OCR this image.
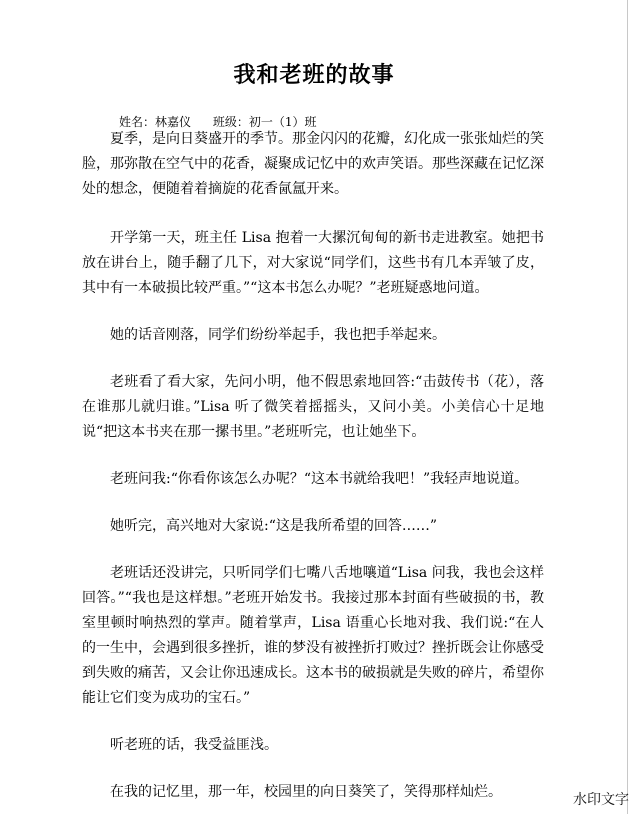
我和老班的故事
姓名：林嘉仪 班级：初一（1）班

夏季，是向日葵盛开的季节。那金闪闪的花瓣，幻化成一张张灿烂的笑脸，那弥散在空气中的花香，凝聚成记忆中的欢声笑语。那些深藏在记忆深处的想念，便随着着摘旋的花香氤氲开来。

开学第一天，班主任 Lisa 抱着一大摞沉甸甸的新书走进教室。她把书放在讲台上，随手翻了几下，对大家说“同学们，这些书有几本弄皱了皮，其中有一本破损比较严重。”“这本书怎么办呢？”老班疑惑地问道。

她的话音刚落，同学们纷纷举起手，我也把手举起来。

老班看了看大家，先问小明，他不假思索地回答:“击鼓传书（花），落在谁那儿就归谁。”Lisa 听了微笑着摇摇头，又问小美。小美信心十足地说“把这本书夹在那一摞书里。”老班听完，也让她坐下。

老班问我:“你看你该怎么办呢？“这本书就给我吧！”我轻声地说道。

她听完，高兴地对大家说:“这是我所希望的回答……”

老班话还没讲完，只听同学们七嘴八舌地嚷道“Lisa 问我，我也会这样回答。”“我也是这样想。”老班开始发书。我接过那本封面有些破损的书，教室里顿时响热烈的掌声。随着掌声，Lisa 语重心长地对我、我们说:“在人的一生中，会遇到很多挫折，谁的梦没有被挫折打败过？挫折既会让你感受到失败的痛苦，又会让你迅速成长。这本书的破损就是失败的碎片，希望你能让它们变为成功的宝石。”

听老班的话，我受益匪浅。

在我的记忆里，那一年，校园里的向日葵笑了，笑得那样灿烂。	水印文字
